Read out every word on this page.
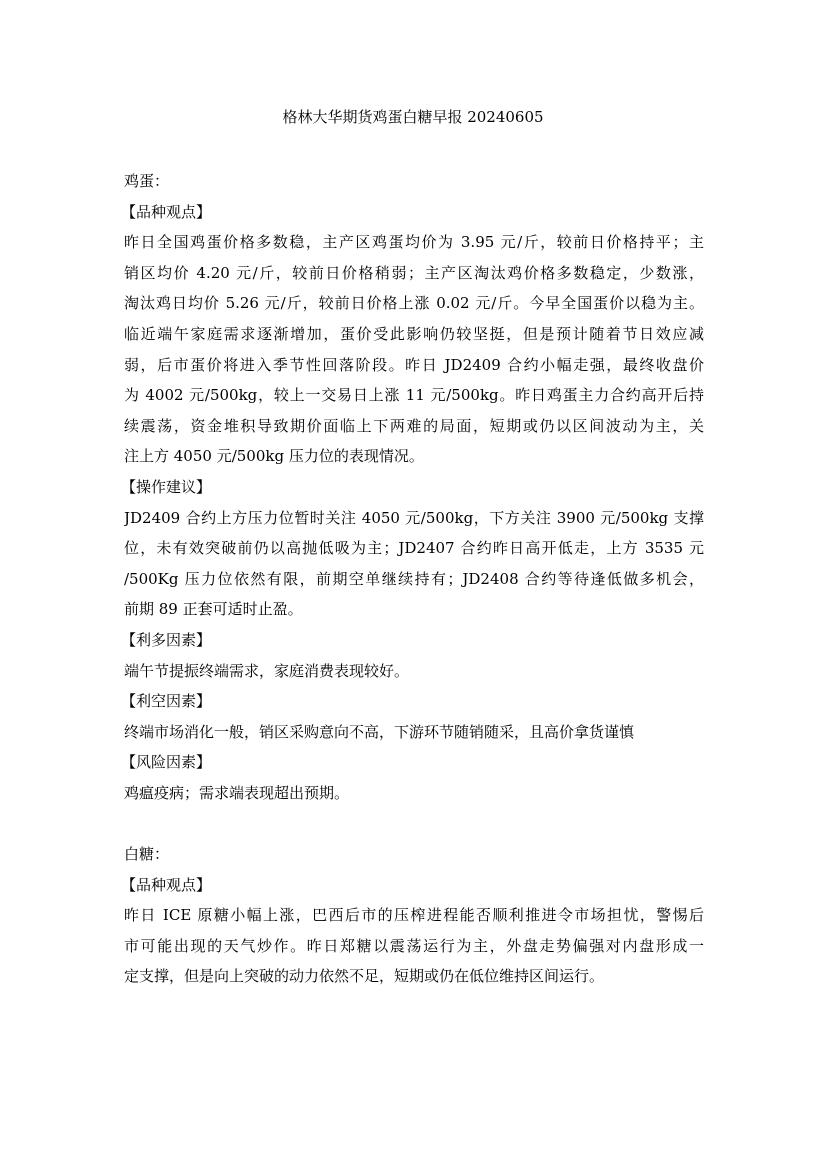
格林大华期货鸡蛋白糖早报 20240605
鸡蛋：
【品种观点】
昨日全国鸡蛋价格多数稳，主产区鸡蛋均价为 3.95 元/斤，较前日价格持平；主
销区均价 4.20 元/斤，较前日价格稍弱；主产区淘汰鸡价格多数稳定，少数涨，
淘汰鸡日均价 5.26 元/斤，较前日价格上涨 0.02 元/斤。今早全国蛋价以稳为主。
临近端午家庭需求逐渐增加，蛋价受此影响仍较坚挺，但是预计随着节日效应减
弱，后市蛋价将进入季节性回落阶段。昨日 JD2409 合约小幅走强，最终收盘价
为 4002 元/500kg，较上一交易日上涨 11 元/500kg。昨日鸡蛋主力合约高开后持
续震荡，资金堆积导致期价面临上下两难的局面，短期或仍以区间波动为主，关
注上方 4050 元/500kg 压力位的表现情况。
【操作建议】
JD2409 合约上方压力位暂时关注 4050 元/500kg，下方关注 3900 元/500kg 支撑
位，未有效突破前仍以高抛低吸为主；JD2407 合约昨日高开低走，上方 3535 元
/500Kg 压力位依然有限，前期空单继续持有；JD2408 合约等待逢低做多机会，
前期 89 正套可适时止盈。
【利多因素】
端午节提振终端需求，家庭消费表现较好。
【利空因素】
终端市场消化一般，销区采购意向不高，下游环节随销随采，且高价拿货谨慎
【风险因素】
鸡瘟疫病；需求端表现超出预期。
白糖：
【品种观点】
昨日 ICE 原糖小幅上涨，巴西后市的压榨进程能否顺利推进令市场担忧，警惕后
市可能出现的天气炒作。昨日郑糖以震荡运行为主，外盘走势偏强对内盘形成一
定支撑，但是向上突破的动力依然不足，短期或仍在低位维持区间运行。
